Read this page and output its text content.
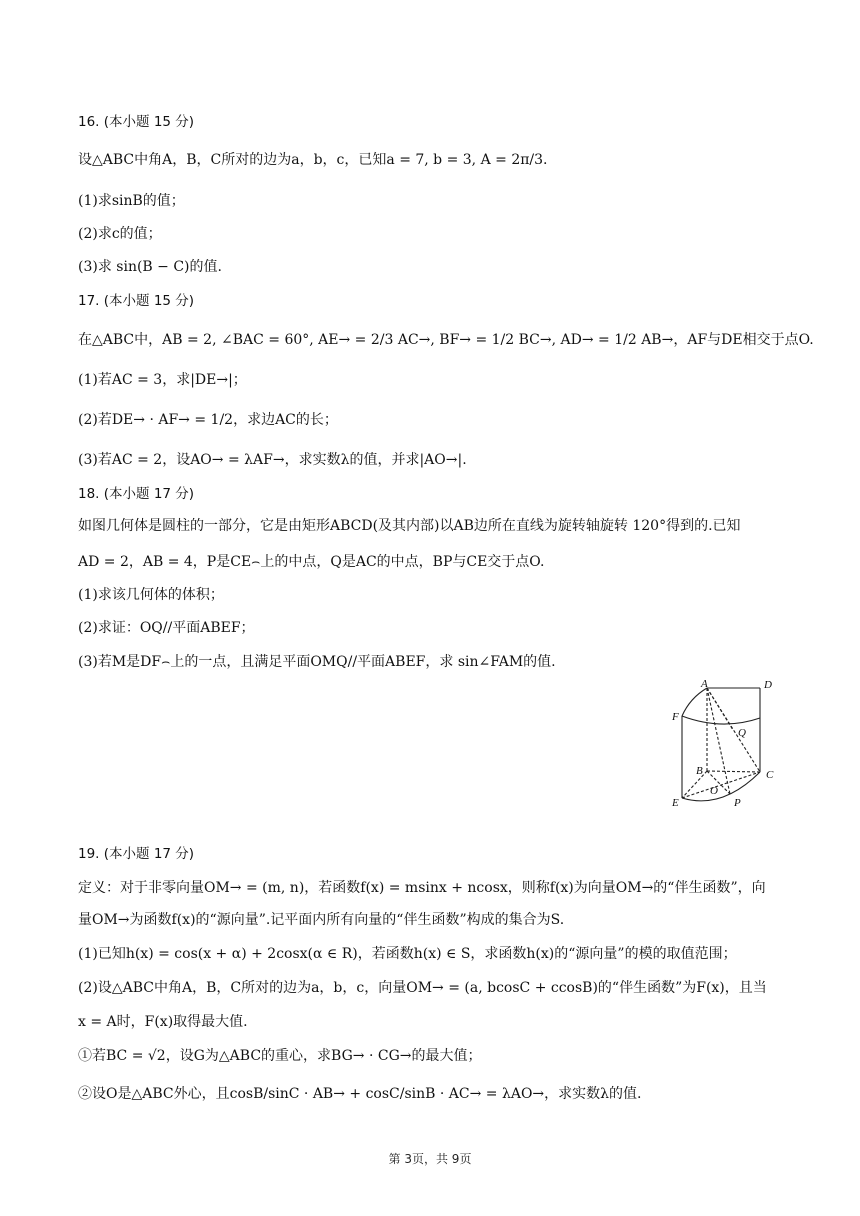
16. (本小题 15 分)
设△ABC中角A，B，C所对的边为a，b，c，已知a = 7, b = 3, A = 2π/3.
(1)求sinB的值；
(2)求c的值；
(3)求 sin(B − C)的值.
17. (本小题 15 分)
在△ABC中，AB = 2, ∠BAC = 60°, AE→ = 2/3 AC→, BF→ = 1/2 BC→, AD→ = 1/2 AB→，AF与DE相交于点O.
(1)若AC = 3，求|DE→|；
(2)若DE→ · AF→ = 1/2，求边AC的长；
(3)若AC = 2，设AO→ = λAF→，求实数λ的值，并求|AO→|.
18. (本小题 17 分)
如图几何体是圆柱的一部分，它是由矩形ABCD(及其内部)以AB边所在直线为旋转轴旋转 120°得到的.已知
AD = 2，AB = 4，P是CE⌢上的中点，Q是AC的中点，BP与CE交于点O.
(1)求该几何体的体积；
(2)求证：OQ//平面ABEF；
(3)若M是DF⌢上的一点，且满足平面OMQ//平面ABEF，求 sin∠FAM的值.
A	D
F
Q
B	C
O
E	P
19. (本小题 17 分)
定义：对于非零向量OM→ = (m, n)，若函数f(x) = msinx + ncosx，则称f(x)为向量OM→的“伴生函数”，向
量OM→为函数f(x)的“源向量”.记平面内所有向量的“伴生函数”构成的集合为S.
(1)已知h(x) = cos(x + α) + 2cosx(α ∈ R)，若函数h(x) ∈ S，求函数h(x)的“源向量”的模的取值范围；
(2)设△ABC中角A，B，C所对的边为a，b，c，向量OM→ = (a, bcosC + ccosB)的“伴生函数”为F(x)，且当
x = A时，F(x)取得最大值.
①若BC = √2，设G为△ABC的重心，求BG→ · CG→的最大值；
②设O是△ABC外心，且cosB/sinC · AB→ + cosC/sinB · AC→ = λAO→，求实数λ的值.
第 3页，共 9页
